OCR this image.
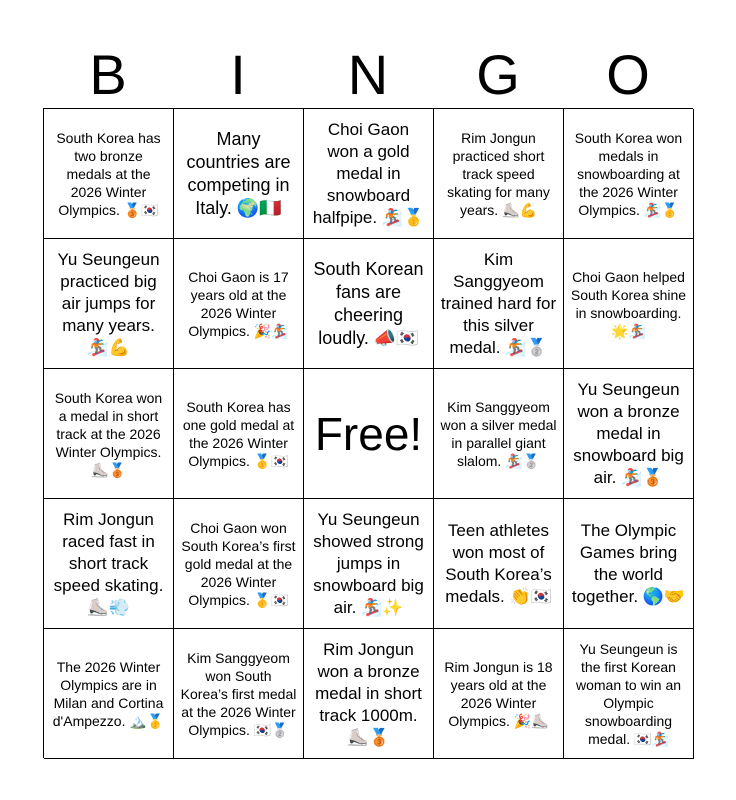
B	I	N	G	O
South Korea has two bronze medals at the 2026 Winter Olympics. 🥉🇰🇷
Many countries are competing in Italy. 🌍🇮🇹
Choi Gaon won a gold medal in snowboard halfpipe. 🏂🥇
Rim Jongun practiced short track speed skating for many years. ⛸️💪
South Korea won medals in snowboarding at the 2026 Winter Olympics. 🏂🥇
Yu Seungeun practiced big air jumps for many years. 🏂💪
Choi Gaon is 17 years old at the 2026 Winter Olympics. 🎉🏂
South Korean fans are cheering loudly. 📣🇰🇷
Kim Sanggyeom trained hard for this silver medal. 🏂🥈
Choi Gaon helped South Korea shine in snowboarding. 🌟🏂
South Korea won a medal in short track at the 2026 Winter Olympics. ⛸️🥉
South Korea has one gold medal at the 2026 Winter Olympics. 🥇🇰🇷
Free!
Kim Sanggyeom won a silver medal in parallel giant slalom. 🏂🥈
Yu Seungeun won a bronze medal in snowboard big air. 🏂🥉
Rim Jongun raced fast in short track speed skating. ⛸️💨
Choi Gaon won South Korea’s first gold medal at the 2026 Winter Olympics. 🥇🇰🇷
Yu Seungeun showed strong jumps in snowboard big air. 🏂✨
Teen athletes won most of South Korea’s medals. 👏🇰🇷
The Olympic Games bring the world together. 🌎🤝
The 2026 Winter Olympics are in Milan and Cortina d'Ampezzo. 🏔️🥇
Kim Sanggyeom won South Korea’s first medal at the 2026 Winter Olympics. 🇰🇷🥈
Rim Jongun won a bronze medal in short track 1000m. ⛸️🥉
Rim Jongun is 18 years old at the 2026 Winter Olympics. 🎉⛸️
Yu Seungeun is the first Korean woman to win an Olympic snowboarding medal. 🇰🇷🏂
